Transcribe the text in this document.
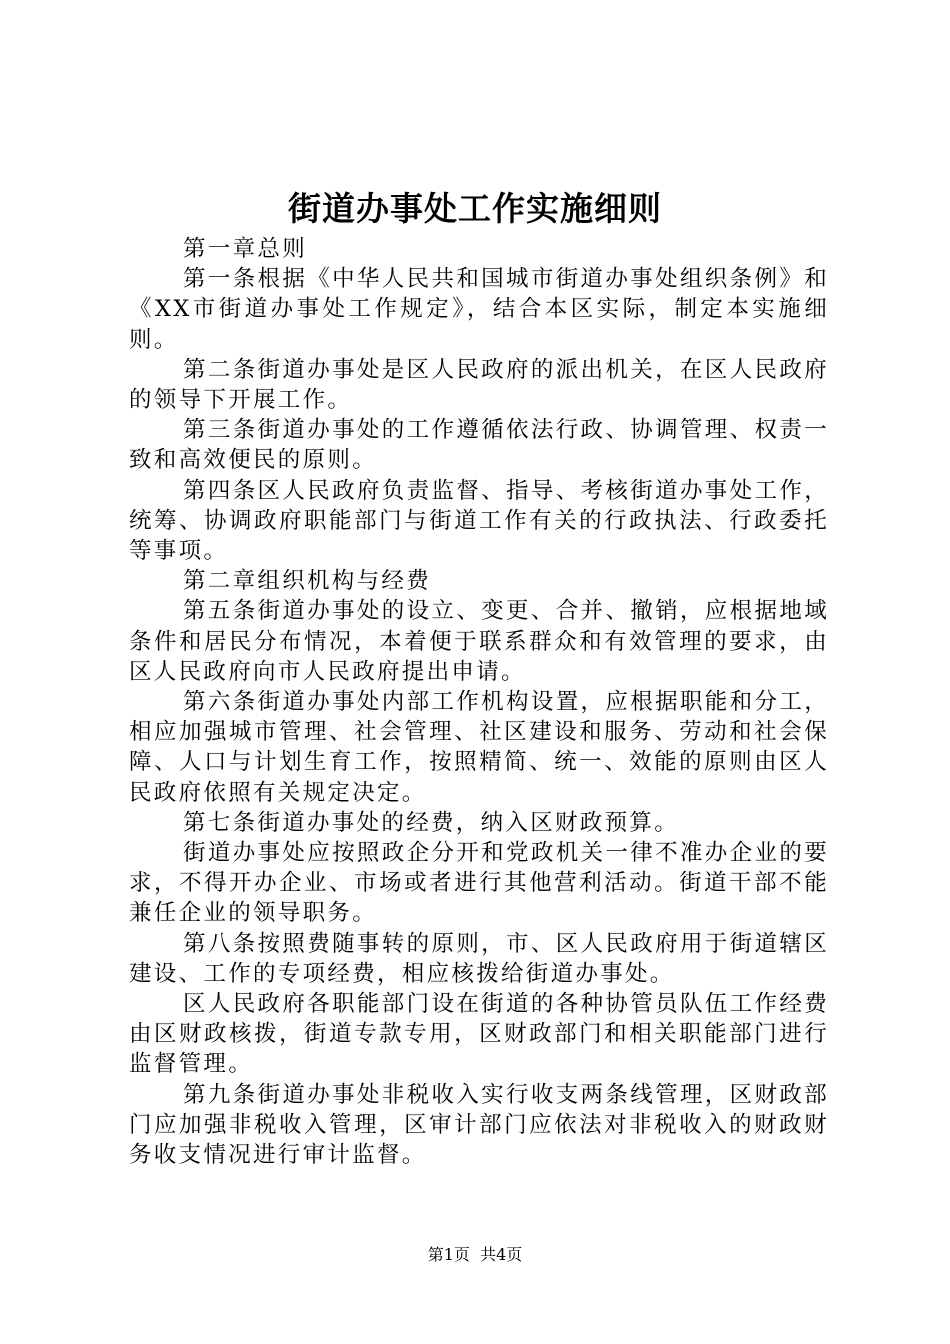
街道办事处工作实施细则

第一章总则

第一条根据《中华人民共和国城市街道办事处组织条例》和《XX市街道办事处工作规定》，结合本区实际，制定本实施细则。

第二条街道办事处是区人民政府的派出机关，在区人民政府的领导下开展工作。

第三条街道办事处的工作遵循依法行政、协调管理、权责一致和高效便民的原则。

第四条区人民政府负责监督、指导、考核街道办事处工作，统筹、协调政府职能部门与街道工作有关的行政执法、行政委托等事项。

第二章组织机构与经费

第五条街道办事处的设立、变更、合并、撤销，应根据地域条件和居民分布情况，本着便于联系群众和有效管理的要求，由区人民政府向市人民政府提出申请。

第六条街道办事处内部工作机构设置，应根据职能和分工，相应加强城市管理、社会管理、社区建设和服务、劳动和社会保障、人口与计划生育工作，按照精简、统一、效能的原则由区人民政府依照有关规定决定。

第七条街道办事处的经费，纳入区财政预算。

街道办事处应按照政企分开和党政机关一律不准办企业的要求，不得开办企业、市场或者进行其他营利活动。街道干部不能兼任企业的领导职务。

第八条按照费随事转的原则，市、区人民政府用于街道辖区建设、工作的专项经费，相应核拨给街道办事处。

区人民政府各职能部门设在街道的各种协管员队伍工作经费由区财政核拨，街道专款专用，区财政部门和相关职能部门进行监督管理。

第九条街道办事处非税收入实行收支两条线管理，区财政部门应加强非税收入管理，区审计部门应依法对非税收入的财政财务收支情况进行审计监督。

第1页  共4页
